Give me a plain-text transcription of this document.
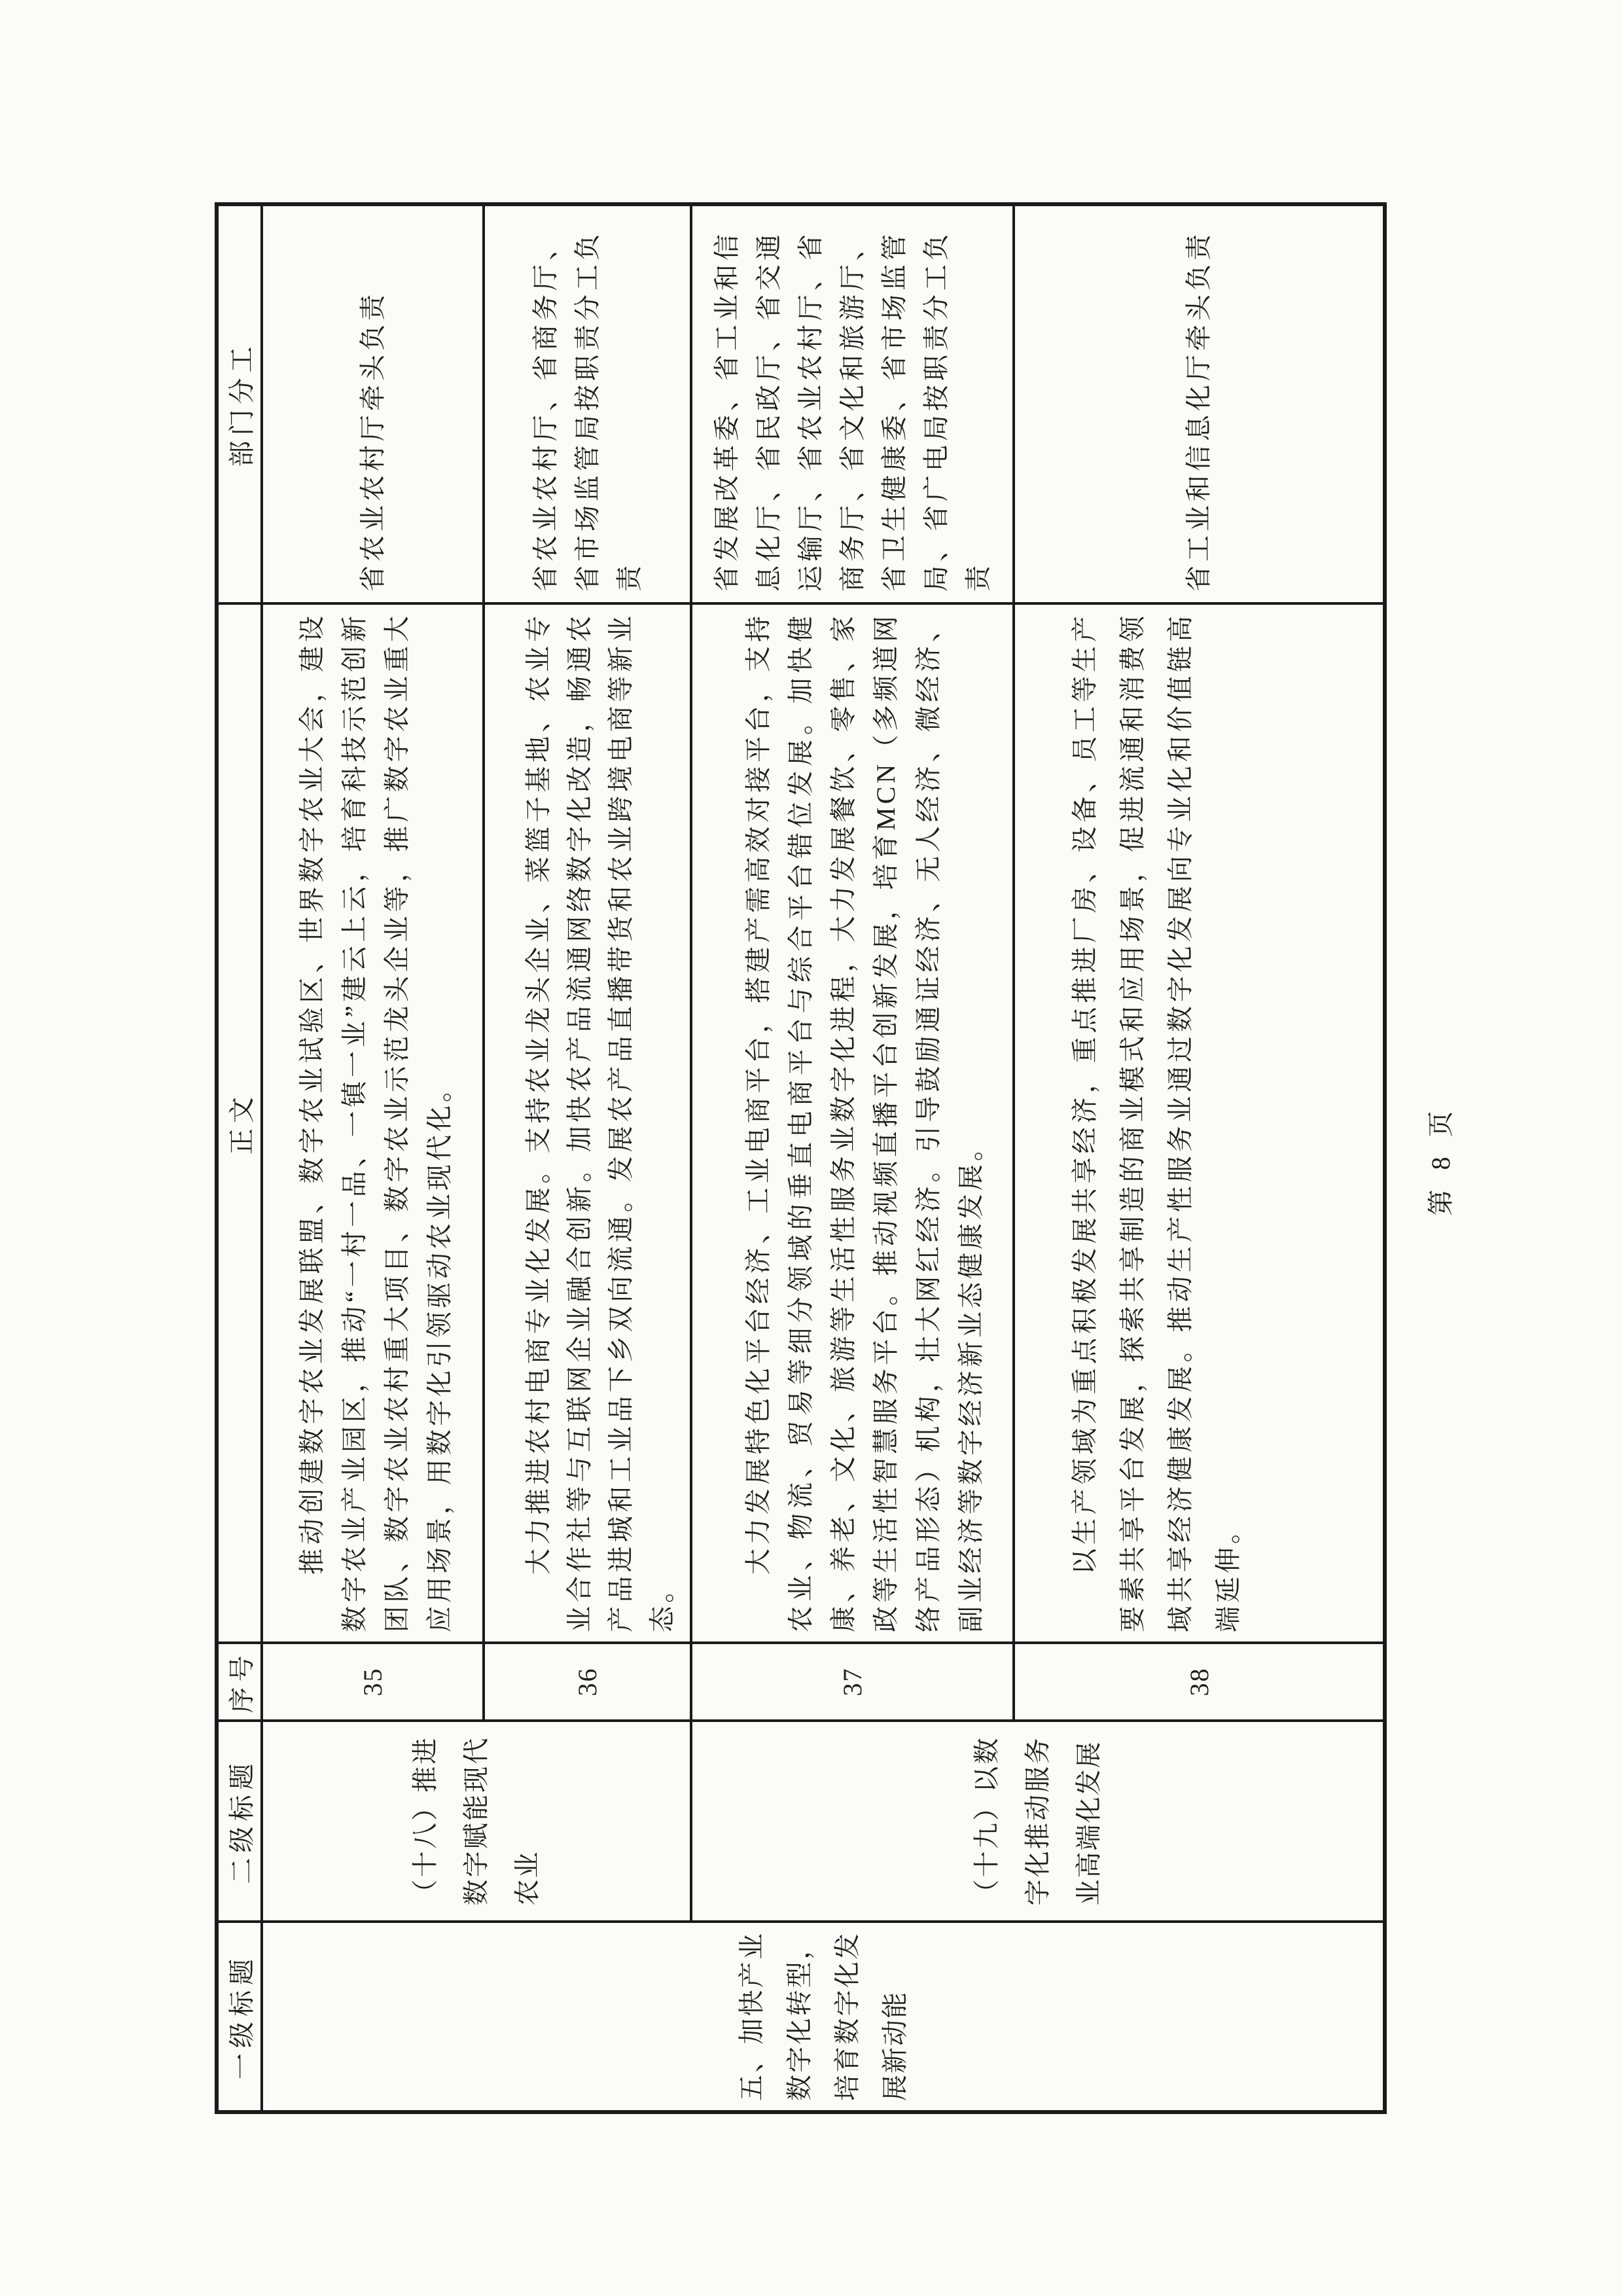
一级标题	二级标题	序号	正文	部门分工

五、加快产业数字化转型，培育数字化发展新动能	（十八）推进数字赋能现代农业	35	推动创建数字农业发展联盟、数字农业试验区、世界数字农业大会，建设数字农业产业园区，推动“一村一品、一镇一业”建云上云，培育科技示范创新团队、数字农业农村重大项目、数字农业示范龙头企业等，推广数字农业重大应用场景，用数字化引领驱动农业现代化。	省农业农村厅牵头负责
		36	大力推进农村电商专业化发展。支持农业龙头企业、菜篮子基地、农业专业合作社等与互联网企业融合创新。加快农产品流通网络数字化改造，畅通农产品进城和工业品下乡双向流通。发展农产品直播带货和农业跨境电商等新业态。	省农业农村厅、省商务厅、省市场监管局按职责分工负责

	（十九）以数字化推动服务业高端化发展	37	大力发展特色化平台经济、工业电商平台，搭建产需高效对接平台，支持农业、物流、贸易等细分领域的垂直电商平台与综合平台错位发展。加快健康、养老、文化、旅游等生活性服务业数字化进程，大力发展餐饮、零售、家政等生活性智慧服务平台。推动视频直播平台创新发展，培育MCN（多频道网络产品形态）机构，壮大网红经济。引导鼓励通证经济、无人经济、微经济、副业经济等数字经济新业态健康发展。	省发展改革委、省工业和信息化厅、省民政厅、省交通运输厅、省农业农村厅、省商务厅、省文化和旅游厅、省卫生健康委、省市场监管局、省广电局按职责分工负责
		38	以生产领域为重点积极发展共享经济，重点推进厂房、设备、员工等生产要素共享平台发展，探索共享制造的商业模式和应用场景，促进流通和消费领域共享经济健康发展。推动生产性服务业通过数字化发展向专业化和价值链高端延伸。	省工业和信息化厅牵头负责
第 8 页
